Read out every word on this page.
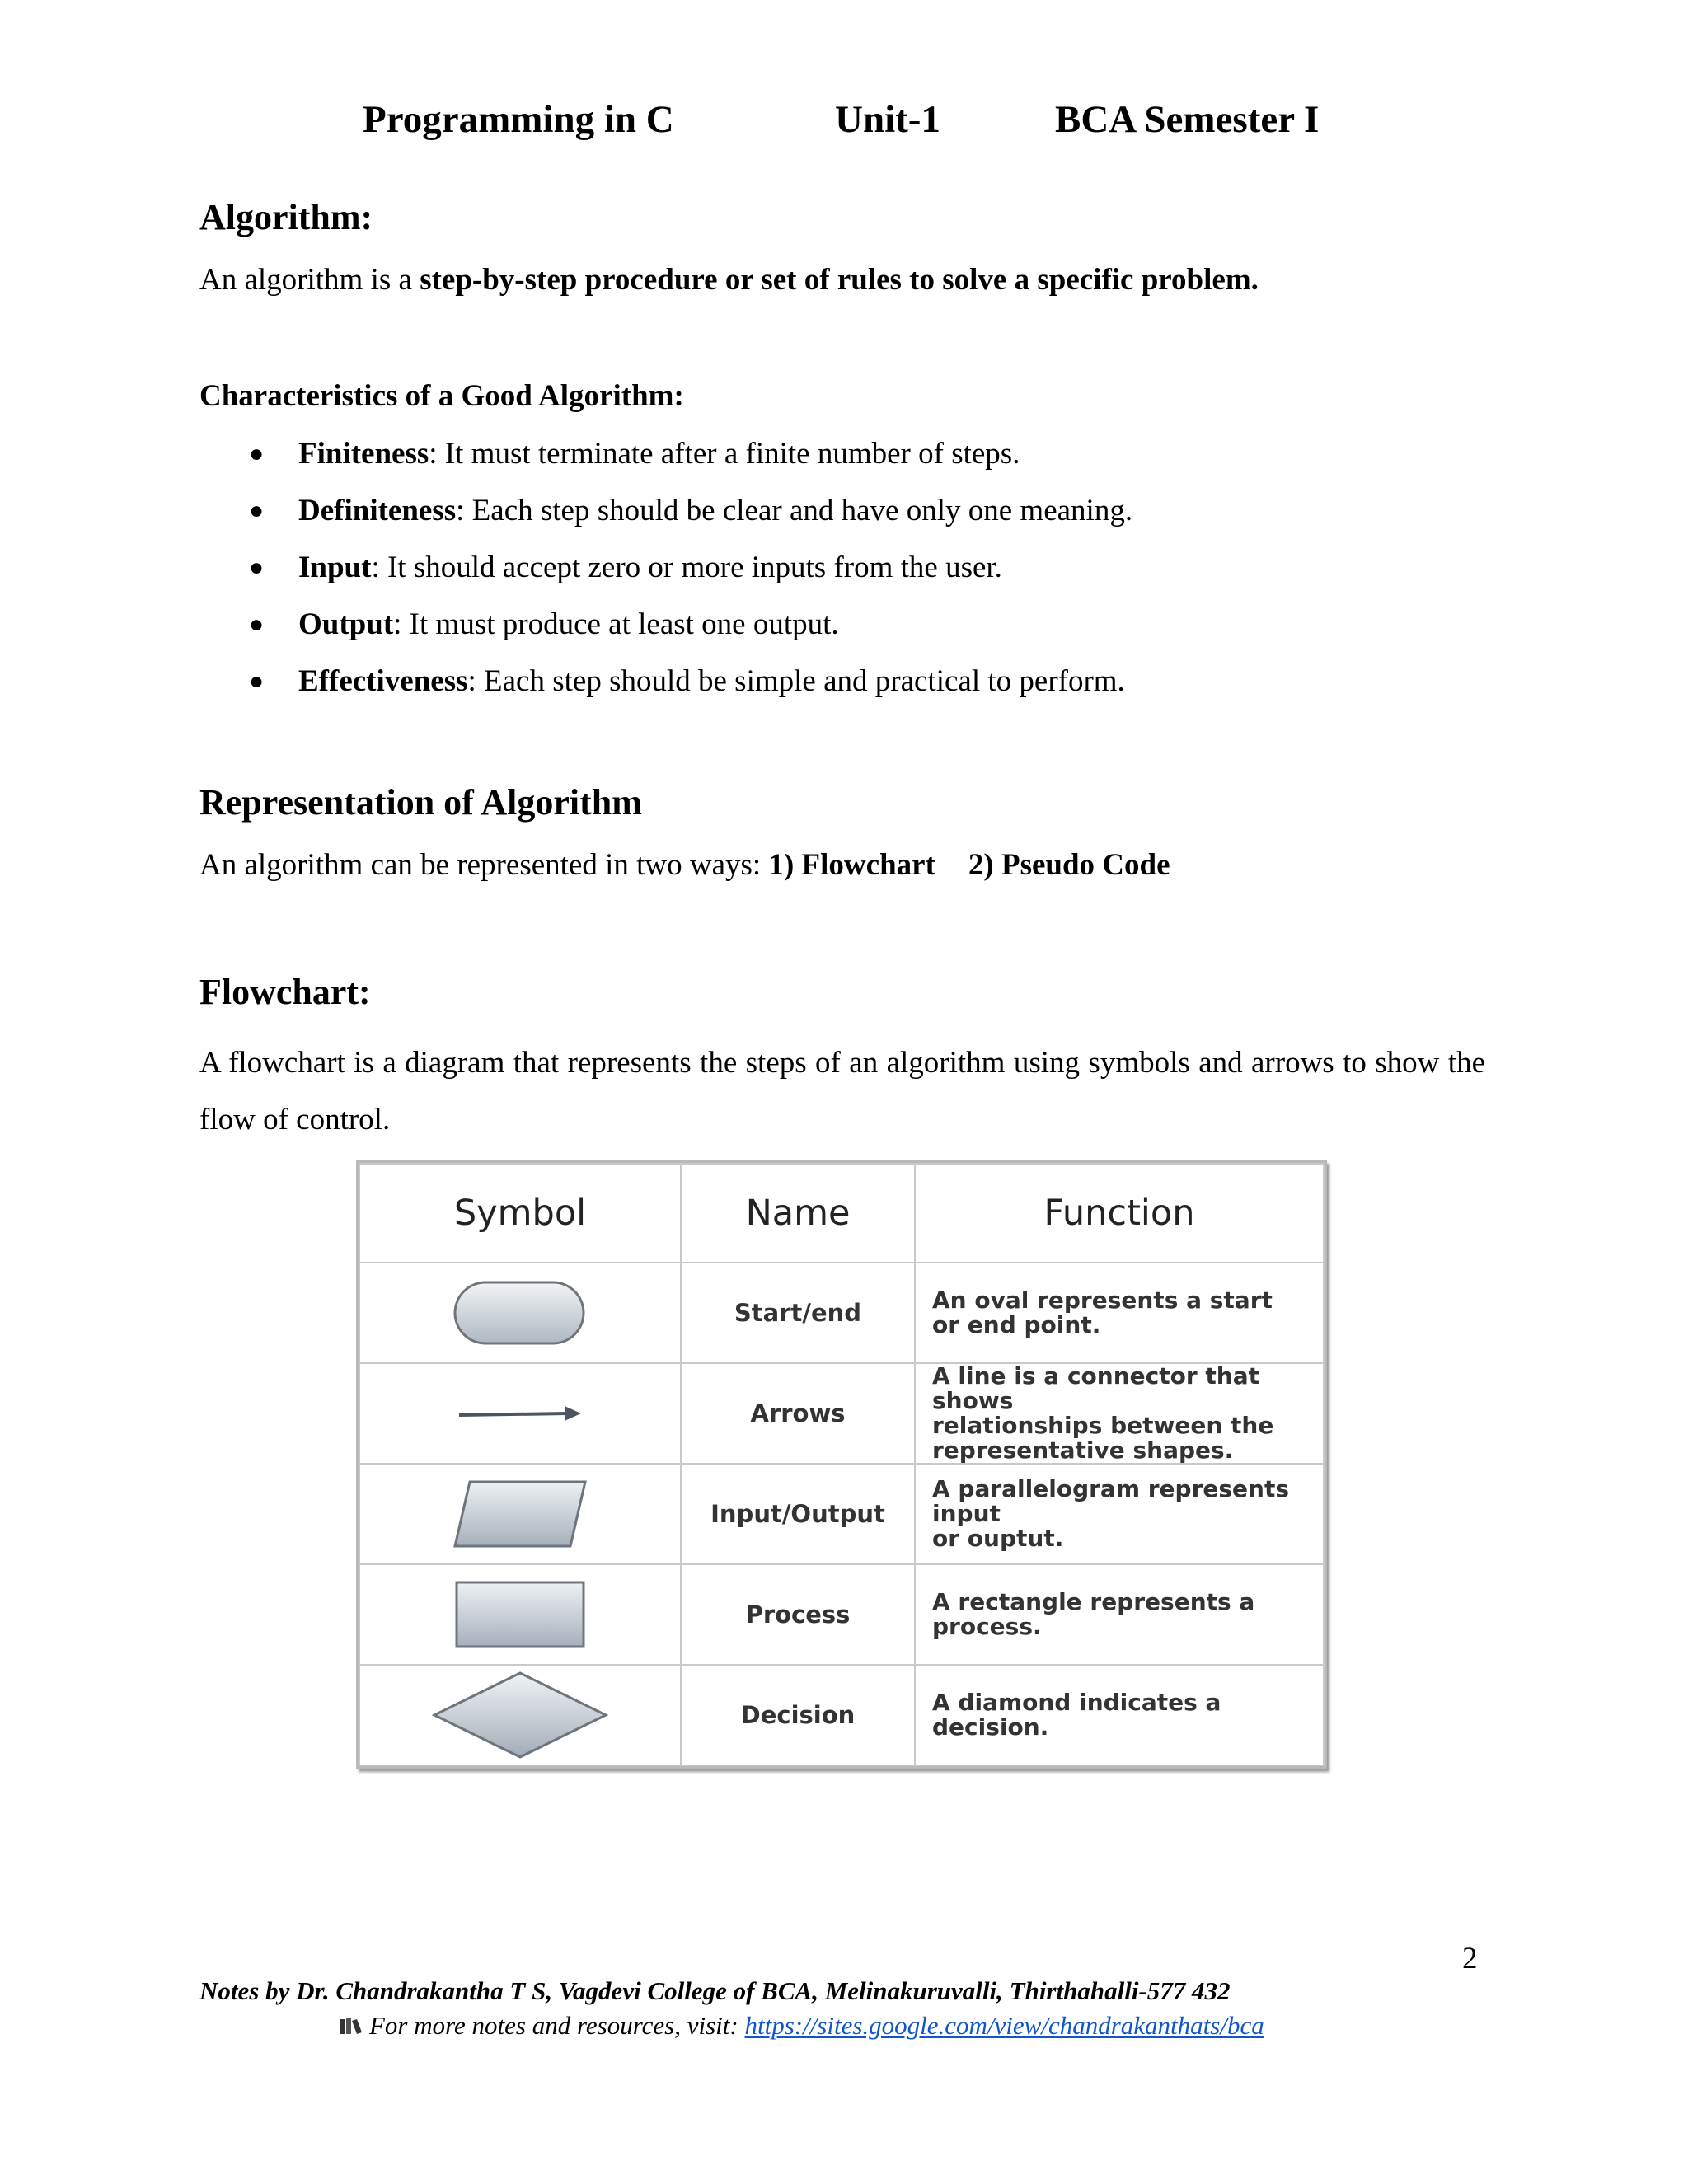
Programming in C	Unit-1	BCA Semester I
Algorithm:

An algorithm is a step-by-step procedure or set of rules to solve a specific problem.

Characteristics of a Good Algorithm:

● Finiteness: It must terminate after a finite number of steps.
● Definiteness: Each step should be clear and have only one meaning.
● Input: It should accept zero or more inputs from the user.
● Output: It must produce at least one output.
● Effectiveness: Each step should be simple and practical to perform.
Representation of Algorithm

An algorithm can be represented in two ways: 1) Flowchart 2) Pseudo Code

Flowchart:

A flowchart is a diagram that represents the steps of an algorithm using symbols and arrows to show the flow of control.

Symbol	Name	Function

	Start/end	An oval represents a start
or end point.

	Arrows	A line is a connector that shows
relationships between the
representative shapes.

	Input/Output	A parallelogram represents input
or ouptut.

	Process	A rectangle represents a process.

	Decision	A diamond indicates a decision.
2
Notes by Dr. Chandrakantha T S, Vagdevi College of BCA, Melinakuruvalli, Thirthahalli-577 432
For more notes and resources, visit: https://sites.google.com/view/chandrakanthats/bca
